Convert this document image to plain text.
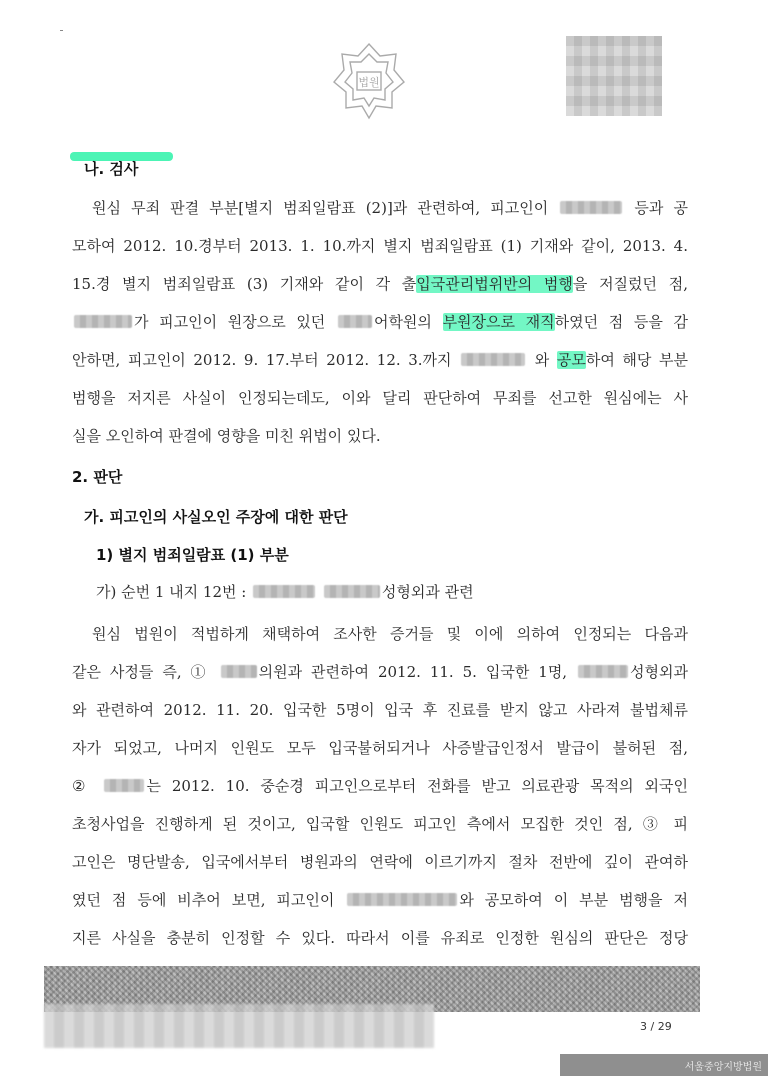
법원
나. 검사
원심 무죄 판결 부분[별지 범죄일람표 (2)]과 관련하여, 피고인이	등과 공
모하여 2012. 10.경부터 2013. 1. 10.까지 별지 범죄일람표 (1) 기재와 같이, 2013. 4.
15.경 별지 범죄일람표 (3) 기재와 같이 각 출입국관리법위반의 범행을 저질렀던 점,
가 피고인이 원장으로 있던	어학원의 부원장으로 재직하였던 점 등을 감
안하면, 피고인이 2012. 9. 17.부터 2012. 12. 3.까지	와 공모하여 해당 부분
범행을 저지른 사실이 인정되는데도, 이와 달리 판단하여 무죄를 선고한 원심에는 사
실을 오인하여 판결에 영향을 미친 위법이 있다.
2. 판단
가. 피고인의 사실오인 주장에 대한 판단
1) 별지 범죄일람표 (1) 부분
가) 순번 1 내지 12번 :	성형외과 관련
원심 법원이 적법하게 채택하여 조사한 증거들 및 이에 의하여 인정되는 다음과
같은 사정들 즉, ①	의원과 관련하여 2012. 11. 5. 입국한 1명,	성형외과
와 관련하여 2012. 11. 20. 입국한 5명이 입국 후 진료를 받지 않고 사라져 불법체류
자가 되었고, 나머지 인원도 모두 입국불허되거나 사증발급인정서 발급이 불허된 점,
②	는 2012. 10. 중순경 피고인으로부터 전화를 받고 의료관광 목적의 외국인
초청사업을 진행하게 된 것이고, 입국할 인원도 피고인 측에서 모집한 것인 점, ③ 피
고인은 명단발송, 입국에서부터 병원과의 연락에 이르기까지 절차 전반에 깊이 관여하
였던 점 등에 비추어 보면, 피고인이	와 공모하여 이 부분 범행을 저
지른 사실을 충분히 인정할 수 있다. 따라서 이를 유죄로 인정한 원심의 판단은 정당
3 / 29
서울중앙지방법원
